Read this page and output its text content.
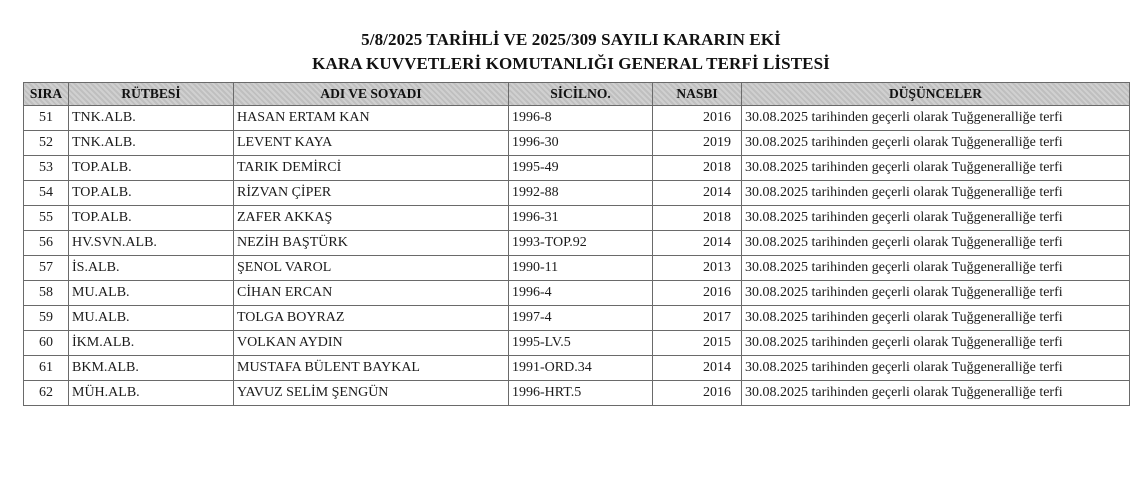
5/8/2025 TARİHLİ VE 2025/309 SAYILI KARARIN EKİ
KARA KUVVETLERİ KOMUTANLIĞI GENERAL TERFİ LİSTESİ
SIRA	RÜTBESİ	ADI VE SOYADI	SİCİLNO.	NASBI	DÜŞÜNCELER
51	TNK.ALB.	HASAN ERTAM KAN	1996-8	2016	30.08.2025 tarihinden geçerli olarak Tuğgeneralliğe terfi
52	TNK.ALB.	LEVENT KAYA	1996-30	2019	30.08.2025 tarihinden geçerli olarak Tuğgeneralliğe terfi
53	TOP.ALB.	TARIK DEMİRCİ	1995-49	2018	30.08.2025 tarihinden geçerli olarak Tuğgeneralliğe terfi
54	TOP.ALB.	RİZVAN ÇİPER	1992-88	2014	30.08.2025 tarihinden geçerli olarak Tuğgeneralliğe terfi
55	TOP.ALB.	ZAFER AKKAŞ	1996-31	2018	30.08.2025 tarihinden geçerli olarak Tuğgeneralliğe terfi
56	HV.SVN.ALB.	NEZİH BAŞTÜRK	1993-TOP.92	2014	30.08.2025 tarihinden geçerli olarak Tuğgeneralliğe terfi
57	İS.ALB.	ŞENOL VAROL	1990-11	2013	30.08.2025 tarihinden geçerli olarak Tuğgeneralliğe terfi
58	MU.ALB.	CİHAN ERCAN	1996-4	2016	30.08.2025 tarihinden geçerli olarak Tuğgeneralliğe terfi
59	MU.ALB.	TOLGA BOYRAZ	1997-4	2017	30.08.2025 tarihinden geçerli olarak Tuğgeneralliğe terfi
60	İKM.ALB.	VOLKAN AYDIN	1995-LV.5	2015	30.08.2025 tarihinden geçerli olarak Tuğgeneralliğe terfi
61	BKM.ALB.	MUSTAFA BÜLENT BAYKAL	1991-ORD.34	2014	30.08.2025 tarihinden geçerli olarak Tuğgeneralliğe terfi
62	MÜH.ALB.	YAVUZ SELİM ŞENGÜN	1996-HRT.5	2016	30.08.2025 tarihinden geçerli olarak Tuğgeneralliğe terfi
